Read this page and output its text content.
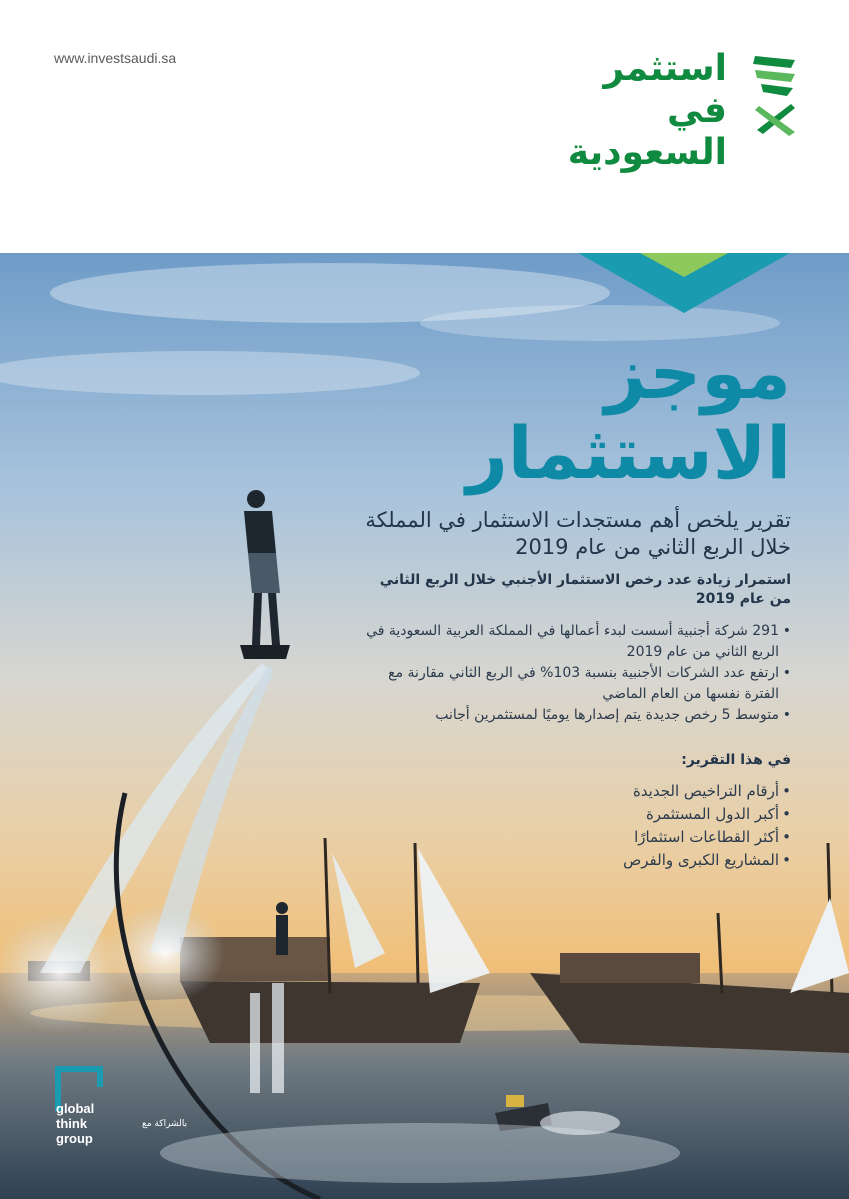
www.investsaudi.sa	استثمر في
السعودية
موجز
الاستثمار
تقرير يلخص أهم مستجدات الاستثمار في المملكة خلال الربع الثاني من عام 2019
استمرار زيادة عدد رخص الاستثمار الأجنبي خلال الربع الثاني من عام 2019
• 291 شركة أجنبية أسست لبدء أعمالها في المملكة العربية السعودية في الربع الثاني من عام 2019
• ارتفع عدد الشركات الأجنبية بنسبة 103% في الربع الثاني مقارنة مع الفترة نفسها من العام الماضي
• متوسط 5 رخص جديدة يتم إصدارها يوميًا لمستثمرين أجانب
في هذا التقرير:
• أرقام التراخيص الجديدة
• أكبر الدول المستثمرة
• أكثر القطاعات استثمارًا
• المشاريع الكبرى والفرص
global
think
group
بالشراكة مع
